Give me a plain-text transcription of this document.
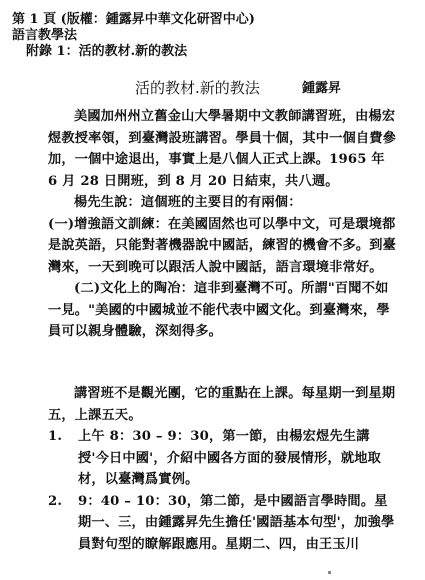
第 1 頁 (版權：鍾露昇中華文化研習中心)
語言教學法
附錄 1：活的教材.新的教法
活的教材.新的教法	鍾露昇

美國加州州立舊金山大學暑期中文教師講習班，由楊宏煜教授率領，到臺灣設班講習。學員十個，其中一個自費參加，一個中途退出，事實上是八個人正式上課。1965 年 6 月 28 日開班，到 8 月 20 日結束，共八週。

楊先生說：這個班的主要目的有兩個：

(一)增強語文訓練：在美國固然也可以學中文，可是環境都是說英語，只能對著機器說中國話，練習的機會不多。到臺灣來，一天到晚可以跟活人說中國話，語言環境非常好。

(二)文化上的陶冶：這非到臺灣不可。所謂"百聞不如一見。"美國的中國城並不能代表中國文化。到臺灣來，學員可以親身體驗，深刻得多。

講習班不是觀光團，它的重點在上課。每星期一到星期五，上課五天。

1. 上午 8：30 – 9：30，第一節，由楊宏煜先生講授'今日中國'，介紹中國各方面的發展情形，就地取材，以臺灣爲實例。

2. 9：40 – 10：30，第二節，是中國語言學時間。星期一、三，由鍾露昇先生擔任'國語基本句型'，加強學員對句型的瞭解跟應用。星期二、四，由王玉川
